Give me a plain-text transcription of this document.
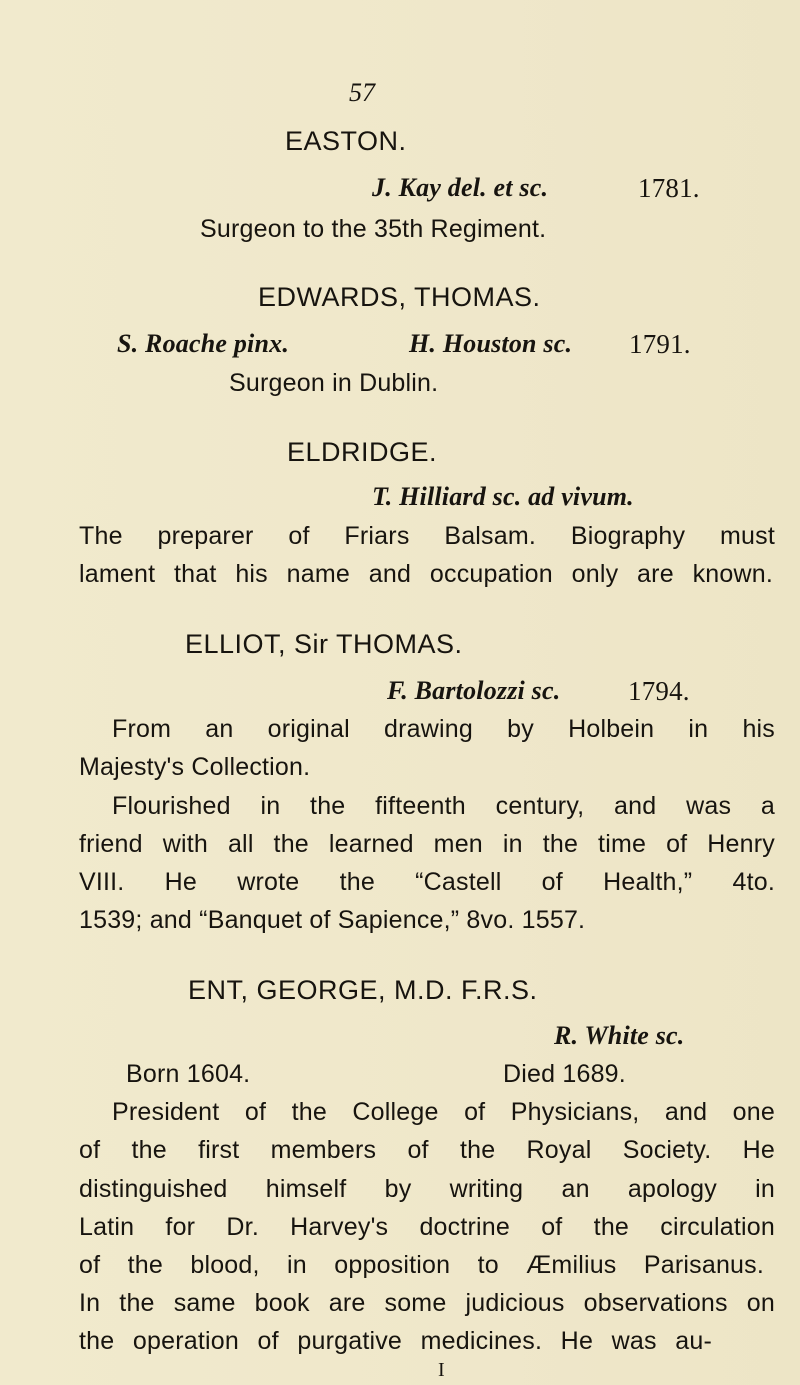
57
EASTON.
J. Kay del. et sc.	1781.
Surgeon to the 35th Regiment.
EDWARDS, THOMAS.
S. Roache pinx.	H. Houston sc. 1791.
Surgeon in Dublin.
ELDRIDGE.
T. Hilliard sc. ad vivum.
The preparer of Friars Balsam. Biography must
lament that his name and occupation only are known.
ELLIOT, Sir THOMAS.
F. Bartolozzi sc.	1794.
From an original drawing by Holbein in his
Majesty's Collection.
Flourished in the fifteenth century, and was a
friend with all the learned men in the time of Henry
VIII. He wrote the “Castell of Health,” 4to.
1539; and “Banquet of Sapience,” 8vo. 1557.
ENT, GEORGE, M.D. F.R.S.
R. White sc.
Born 1604.	Died 1689.
President of the College of Physicians, and one
of the first members of the Royal Society. He
distinguished himself by writing an apology in
Latin for Dr. Harvey's doctrine of the circulation
of the blood, in opposition to Æmilius Parisanus.
In the same book are some judicious observations on
the operation of purgative medicines. He was au-
I
